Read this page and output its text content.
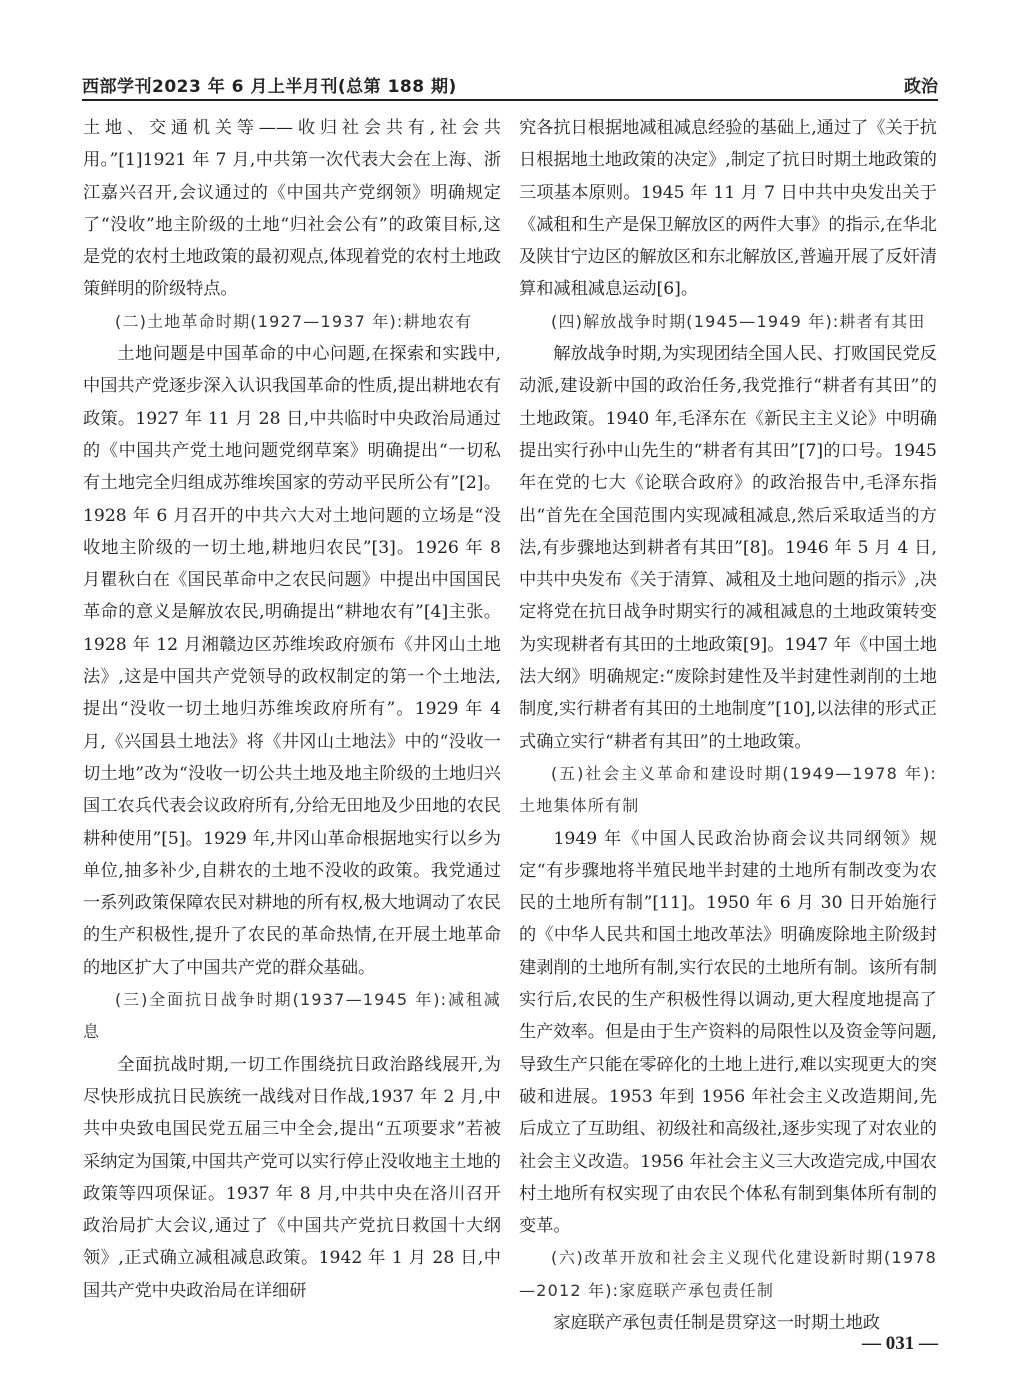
西部学刊2023 年 6 月上半月刊(总第 188 期)	政治

土地、交通机关等——收归社会共有,社会共用。”[1]1921 年 7 月,中共第一次代表大会在上海、浙江嘉兴召开,会议通过的《中国共产党纲领》明确规定了“没收”地主阶级的土地“归社会公有”的政策目标,这是党的农村土地政策的最初观点,体现着党的农村土地政策鲜明的阶级特点。

(二)土地革命时期(1927—1937 年):耕地农有

土地问题是中国革命的中心问题,在探索和实践中,中国共产党逐步深入认识我国革命的性质,提出耕地农有政策。1927 年 11 月 28 日,中共临时中央政治局通过的《中国共产党土地问题党纲草案》明确提出“一切私有土地完全归组成苏维埃国家的劳动平民所公有”[2]。1928 年 6 月召开的中共六大对土地问题的立场是“没收地主阶级的一切土地,耕地归农民”[3]。1926 年 8 月瞿秋白在《国民革命中之农民问题》中提出中国国民革命的意义是解放农民,明确提出“耕地农有”[4]主张。1928 年 12 月湘赣边区苏维埃政府颁布《井冈山土地法》,这是中国共产党领导的政权制定的第一个土地法,提出“没收一切土地归苏维埃政府所有”。1929 年 4 月,《兴国县土地法》将《井冈山土地法》中的“没收一切土地”改为“没收一切公共土地及地主阶级的土地归兴国工农兵代表会议政府所有,分给无田地及少田地的农民耕种使用”[5]。1929 年,井冈山革命根据地实行以乡为单位,抽多补少,自耕农的土地不没收的政策。我党通过一系列政策保障农民对耕地的所有权,极大地调动了农民的生产积极性,提升了农民的革命热情,在开展土地革命的地区扩大了中国共产党的群众基础。

(三)全面抗日战争时期(1937—1945 年):减租减息

全面抗战时期,一切工作围绕抗日政治路线展开,为尽快形成抗日民族统一战线对日作战,1937 年 2 月,中共中央致电国民党五届三中全会,提出“五项要求”若被采纳定为国策,中国共产党可以实行停止没收地主土地的政策等四项保证。1937 年 8 月,中共中央在洛川召开政治局扩大会议,通过了《中国共产党抗日救国十大纲领》,正式确立减租减息政策。1942 年 1 月 28 日,中国共产党中央政治局在详细研

究各抗日根据地减租减息经验的基础上,通过了《关于抗日根据地土地政策的决定》,制定了抗日时期土地政策的三项基本原则。1945 年 11 月 7 日中共中央发出关于《减租和生产是保卫解放区的两件大事》的指示,在华北及陕甘宁边区的解放区和东北解放区,普遍开展了反奸清算和减租减息运动[6]。

(四)解放战争时期(1945—1949 年):耕者有其田

解放战争时期,为实现团结全国人民、打败国民党反动派,建设新中国的政治任务,我党推行“耕者有其田”的土地政策。1940 年,毛泽东在《新民主主义论》中明确提出实行孙中山先生的“耕者有其田”[7]的口号。1945 年在党的七大《论联合政府》的政治报告中,毛泽东指出“首先在全国范围内实现减租减息,然后采取适当的方法,有步骤地达到耕者有其田”[8]。1946 年 5 月 4 日,中共中央发布《关于清算、减租及土地问题的指示》,决定将党在抗日战争时期实行的减租减息的土地政策转变为实现耕者有其田的土地政策[9]。1947 年《中国土地法大纲》明确规定:“废除封建性及半封建性剥削的土地制度,实行耕者有其田的土地制度”[10],以法律的形式正式确立实行“耕者有其田”的土地政策。

(五)社会主义革命和建设时期(1949—1978 年):土地集体所有制

1949 年《中国人民政治协商会议共同纲领》规定“有步骤地将半殖民地半封建的土地所有制改变为农民的土地所有制”[11]。1950 年 6 月 30 日开始施行的《中华人民共和国土地改革法》明确废除地主阶级封建剥削的土地所有制,实行农民的土地所有制。该所有制实行后,农民的生产积极性得以调动,更大程度地提高了生产效率。但是由于生产资料的局限性以及资金等问题,导致生产只能在零碎化的土地上进行,难以实现更大的突破和进展。1953 年到 1956 年社会主义改造期间,先后成立了互助组、初级社和高级社,逐步实现了对农业的社会主义改造。1956 年社会主义三大改造完成,中国农村土地所有权实现了由农民个体私有制到集体所有制的变革。

(六)改革开放和社会主义现代化建设新时期(1978—2012 年):家庭联产承包责任制

家庭联产承包责任制是贯穿这一时期土地政

— 031 —
